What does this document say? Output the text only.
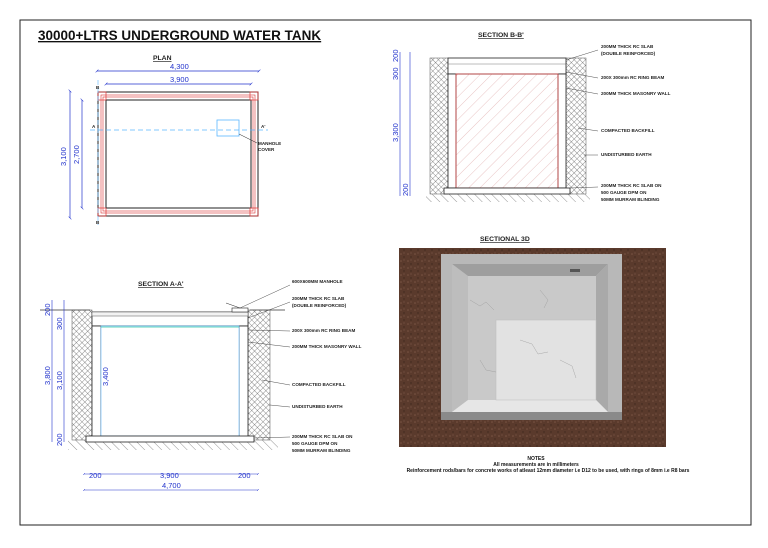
30000+LTRS UNDERGROUND WATER TANK
PLAN
4,300
3,900
3,100 2,700
A	A'
B
B
MANHOLE
COVER
SECTION A-A'
300
3,800 3,100
200
200
3,400
200	3,900	200
4,700
600X600MM MANHOLE
200MM THICK RC SLAB
(DOUBLE REINFORCED)
200X 300mm RC RING BEAM
200MM THICK MASONRY WALL
COMPACTED BACKFILL
UNDISTURBED EARTH
200MM THICK RC SLAB ON
500 GAUGE DPM ON
50MM MURRAM BLINDING
SECTION B-B'
200
300
3,300
200
200MM THICK RC SLAB
(DOUBLE REINFORCED)
200X 300mm RC RING BEAM
200MM THICK MASONRY WALL
COMPACTED BACKFILL
UNDISTURBED EARTH
200MM THICK RC SLAB ON
500 GAUGE DPM ON
50MM MURRAM BLINDING
SECTIONAL 3D
NOTES
All measurements are in millimeters
Reinforcement rods/bars for concrete works of atleast 12mm diameter i.e D12 to be used, with rings of 8mm i.e R8 bars
